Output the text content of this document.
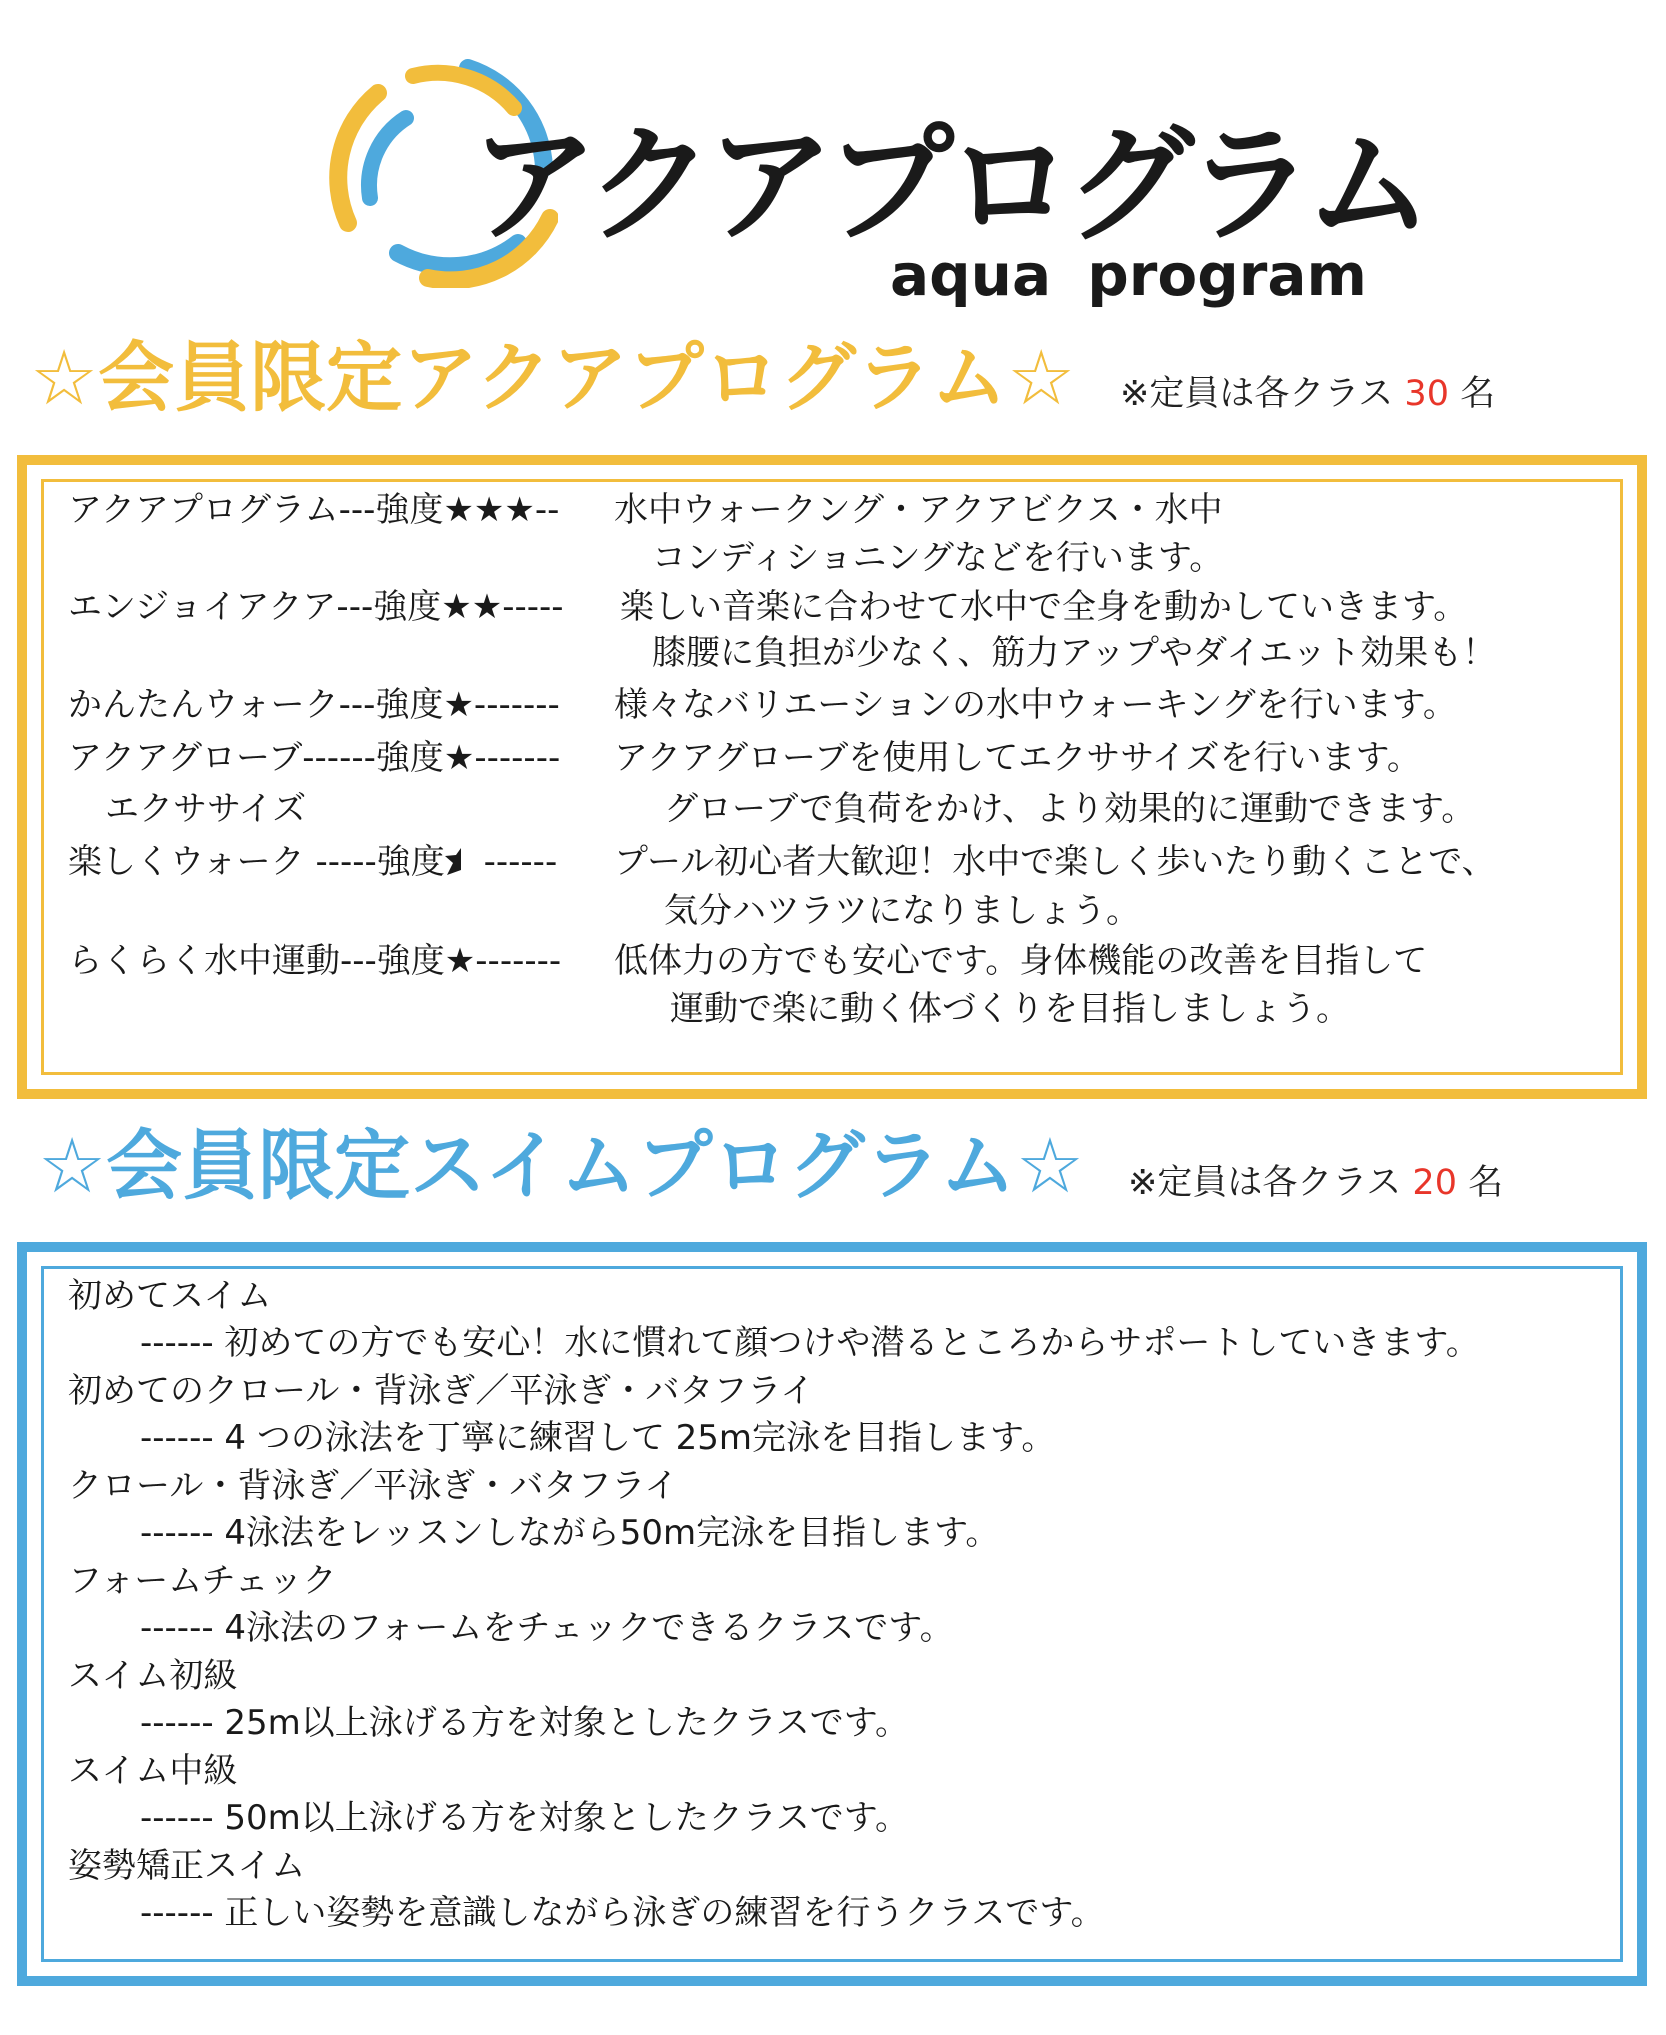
アクアプログラム
aqua program
☆会員限定アクアプログラム☆ ※定員は各クラス 30 名
アクアプログラム---強度★★★-- 水中ウォークング・アクアビクス・水中
コンディショニングなどを行います。
エンジョイアクア---強度★★----- 楽しい音楽に合わせて水中で全身を動かしていきます。
膝腰に負担が少なく、筋力アップやダイエット効果も！
かんたんウォーク---強度★------- 様々なバリエーションの水中ウォーキングを行います。
アクアグローブ------強度★------- アクアグローブを使用してエクササイズを行います。
エクササイズ	グローブで負荷をかけ、より効果的に運動できます。
楽しくウォーク -----強度 ------ プール初心者大歓迎！水中で楽しく歩いたり動くことで、
気分ハツラツになりましょう。
らくらく水中運動---強度★------- 低体力の方でも安心です。身体機能の改善を目指して
運動で楽に動く体づくりを目指しましょう。
☆会員限定スイムプログラム☆ ※定員は各クラス 20 名
初めてスイム
------ 初めての方でも安心！水に慣れて顔つけや潜るところからサポートしていきます。
初めてのクロール・背泳ぎ／平泳ぎ・バタフライ
------ 4 つの泳法を丁寧に練習して 25m完泳を目指します。
クロール・背泳ぎ／平泳ぎ・バタフライ
------ 4泳法をレッスンしながら50m完泳を目指します。
フォームチェック
------ 4泳法のフォームをチェックできるクラスです。
スイム初級
------ 25m以上泳げる方を対象としたクラスです。
スイム中級
------ 50m以上泳げる方を対象としたクラスです。
姿勢矯正スイム
------ 正しい姿勢を意識しながら泳ぎの練習を行うクラスです。
